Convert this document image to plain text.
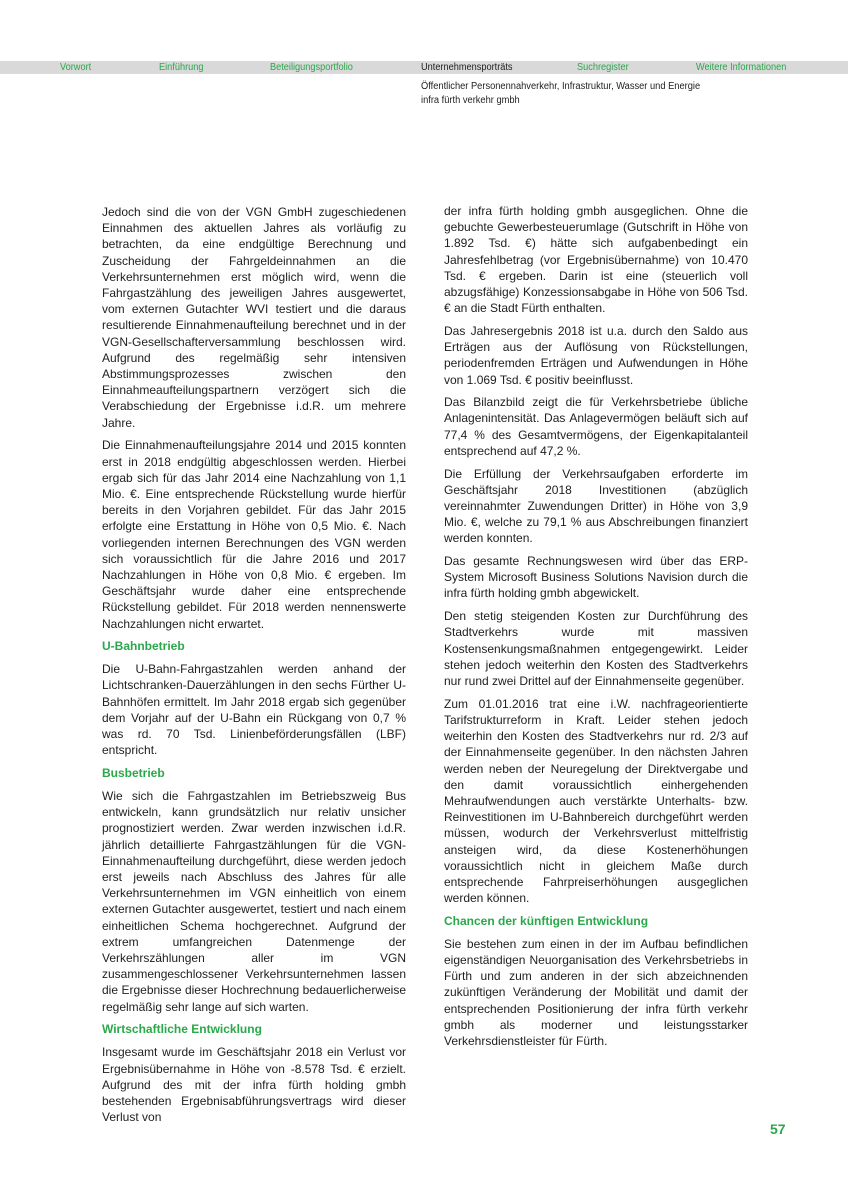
Vorwort	Einführung	Beteiligungsportfolio	Unternehmensporträts	Suchregister	Weitere Informationen
Öffentlicher Personennahverkehr, Infrastruktur, Wasser und Energie
infra fürth verkehr gmbh

Jedoch sind die von der VGN GmbH zugeschiedenen Einnahmen des aktuellen Jahres als vorläufig zu betrachten, da eine endgültige Berechnung und Zuscheidung der Fahrgeldeinnahmen an die Verkehrsunternehmen erst möglich wird, wenn die Fahrgastzählung des jeweiligen Jahres ausgewertet, vom externen Gutachter WVI testiert und die daraus resultierende Einnahmenaufteilung berechnet und in der VGN-Gesellschafterversammlung beschlossen wird. Aufgrund des regelmäßig sehr intensiven Abstimmungsprozesses zwischen den Einnahmeaufteilungspartnern verzögert sich die Verabschiedung der Ergebnisse i.d.R. um mehrere Jahre.

Die Einnahmenaufteilungsjahre 2014 und 2015 konnten erst in 2018 endgültig abgeschlossen werden. Hierbei ergab sich für das Jahr 2014 eine Nachzahlung von 1,1 Mio. €. Eine entsprechende Rückstellung wurde hierfür bereits in den Vorjahren gebildet. Für das Jahr 2015 erfolgte eine Erstattung in Höhe von 0,5 Mio. €. Nach vorliegenden internen Berechnungen des VGN werden sich voraussichtlich für die Jahre 2016 und 2017 Nachzahlungen in Höhe von 0,8 Mio. € ergeben. Im Geschäftsjahr wurde daher eine entsprechende Rückstellung gebildet. Für 2018 werden nennenswerte Nachzahlungen nicht erwartet.

U-Bahnbetrieb

Die U-Bahn-Fahrgastzahlen werden anhand der Lichtschranken-Dauerzählungen in den sechs Fürther U-Bahnhöfen ermittelt. Im Jahr 2018 ergab sich gegenüber dem Vorjahr auf der U-Bahn ein Rückgang von 0,7 % was rd. 70 Tsd. Linienbeförderungsfällen (LBF) entspricht.

Busbetrieb

Wie sich die Fahrgastzahlen im Betriebszweig Bus entwickeln, kann grundsätzlich nur relativ unsicher prognostiziert werden. Zwar werden inzwischen i.d.R. jährlich detaillierte Fahrgastzählungen für die VGN-Einnahmenaufteilung durchgeführt, diese werden jedoch erst jeweils nach Abschluss des Jahres für alle Verkehrsunternehmen im VGN einheitlich von einem externen Gutachter ausgewertet, testiert und nach einem einheitlichen Schema hochgerechnet. Aufgrund der extrem umfangreichen Datenmenge der Verkehrszählungen aller im VGN zusammengeschlossener Verkehrsunternehmen lassen die Ergebnisse dieser Hochrechnung bedauerlicherweise regelmäßig sehr lange auf sich warten.

Wirtschaftliche Entwicklung

Insgesamt wurde im Geschäftsjahr 2018 ein Verlust vor Ergebnisübernahme in Höhe von -8.578 Tsd. € erzielt. Aufgrund des mit der infra fürth holding gmbh bestehenden Ergebnisabführungsvertrags wird dieser Verlust von

der infra fürth holding gmbh ausgeglichen. Ohne die gebuchte Gewerbesteuerumlage (Gutschrift in Höhe von 1.892 Tsd. €) hätte sich aufgabenbedingt ein Jahresfehlbetrag (vor Ergebnisübernahme) von 10.470 Tsd. € ergeben. Darin ist eine (steuerlich voll abzugsfähige) Konzessionsabgabe in Höhe von 506 Tsd. € an die Stadt Fürth enthalten.

Das Jahresergebnis 2018 ist u.a. durch den Saldo aus Erträgen aus der Auflösung von Rückstellungen, periodenfremden Erträgen und Aufwendungen in Höhe von 1.069 Tsd. € positiv beeinflusst.

Das Bilanzbild zeigt die für Verkehrsbetriebe übliche Anlagenintensität. Das Anlagevermögen beläuft sich auf 77,4 % des Gesamtvermögens, der Eigenkapitalanteil entsprechend auf 47,2 %.

Die Erfüllung der Verkehrsaufgaben erforderte im Geschäftsjahr 2018 Investitionen (abzüglich vereinnahmter Zuwendungen Dritter) in Höhe von 3,9 Mio. €, welche zu 79,1 % aus Abschreibungen finanziert werden konnten.

Das gesamte Rechnungswesen wird über das ERP-System Microsoft Business Solutions Navision durch die infra fürth holding gmbh abgewickelt.

Den stetig steigenden Kosten zur Durchführung des Stadtverkehrs wurde mit massiven Kostensenkungsmaßnahmen entgegengewirkt. Leider stehen jedoch weiterhin den Kosten des Stadtverkehrs nur rund zwei Drittel auf der Einnahmenseite gegenüber.

Zum 01.01.2016 trat eine i.W. nachfrageorientierte Tarifstrukturreform in Kraft. Leider stehen jedoch weiterhin den Kosten des Stadtverkehrs nur rd. 2/3 auf der Einnahmenseite gegenüber. In den nächsten Jahren werden neben der Neuregelung der Direktvergabe und den damit voraussichtlich einhergehenden Mehraufwendungen auch verstärkte Unterhalts- bzw. Reinvestitionen im U-Bahnbereich durchgeführt werden müssen, wodurch der Verkehrsverlust mittelfristig ansteigen wird, da diese Kostenerhöhungen voraussichtlich nicht in gleichem Maße durch entsprechende Fahrpreiserhöhungen ausgeglichen werden können.

Chancen der künftigen Entwicklung

Sie bestehen zum einen in der im Aufbau befindlichen eigenständigen Neuorganisation des Verkehrsbetriebs in Fürth und zum anderen in der sich abzeichnenden zukünftigen Veränderung der Mobilität und damit der entsprechenden Positionierung der infra fürth verkehr gmbh als moderner und leistungsstarker Verkehrsdienstleister für Fürth.

57
